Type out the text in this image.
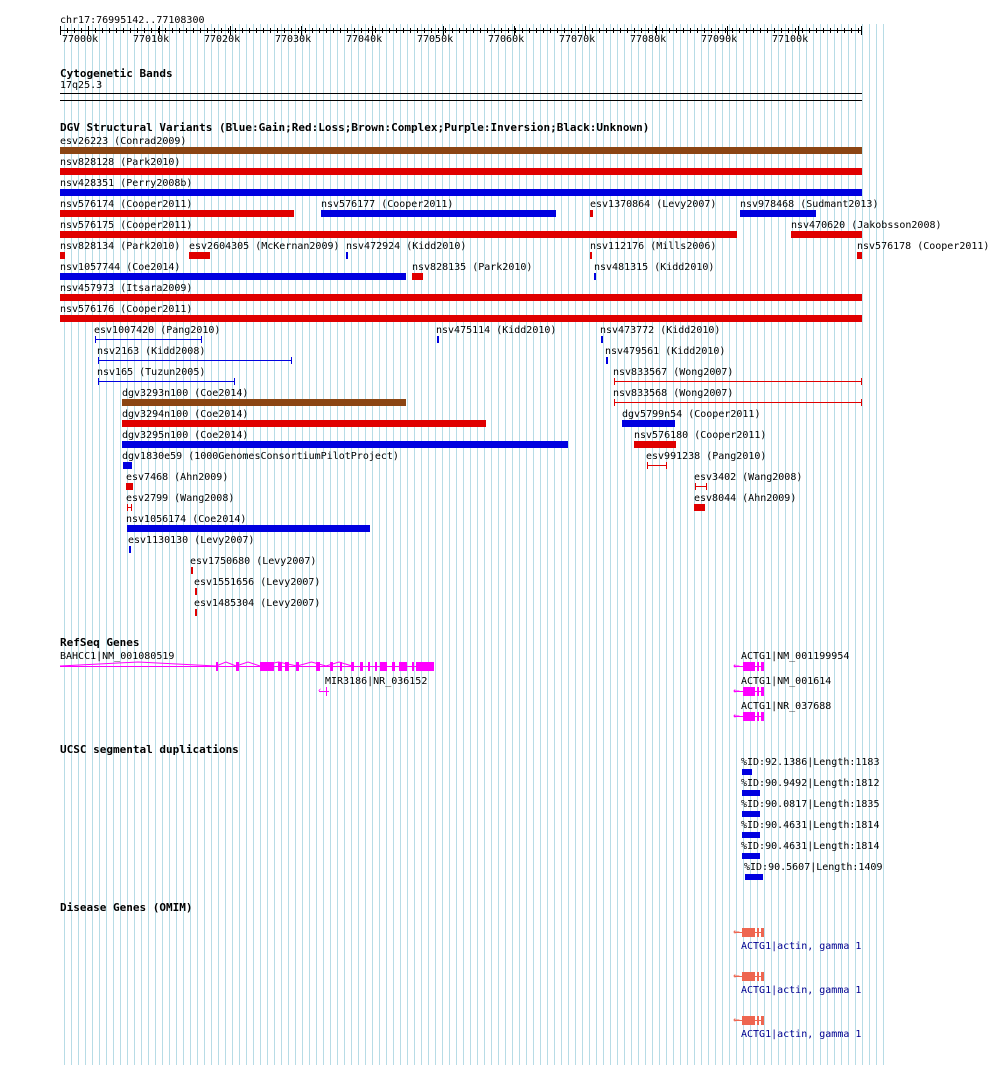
chr17:76995142..77108300
77000k	77010k	77020k	77030k	77040k	77050k	77060k	77070k	77080k	77090k	77100k
Cytogenetic Bands
17q25.3
DGV Structural Variants (Blue:Gain;Red:Loss;Brown:Complex;Purple:Inversion;Black:Unknown)
esv26223 (Conrad2009)
nsv828128 (Park2010)
nsv428351 (Perry2008b)
nsv576174 (Cooper2011)	nsv576177 (Cooper2011)	esv1370864 (Levy2007) nsv978468 (Sudmant2013)
nsv576175 (Cooper2011)	nsv470620 (Jakobsson2008)
nsv828134 (Park2010) esv2604305 (McKernan2009) nsv472924 (Kidd2010)	nsv112176 (Mills2006)	nsv576178 (Cooper2011)
nsv1057744 (Coe2014)	nsv828135 (Park2010)	nsv481315 (Kidd2010)
nsv457973 (Itsara2009)
nsv576176 (Cooper2011)
esv1007420 (Pang2010)	nsv475114 (Kidd2010)	nsv473772 (Kidd2010)
nsv2163 (Kidd2008)	nsv479561 (Kidd2010)
nsv165 (Tuzun2005)	nsv833567 (Wong2007)
dgv3293n100 (Coe2014)	nsv833568 (Wong2007)
dgv3294n100 (Coe2014)	dgv5799n54 (Cooper2011)
dgv3295n100 (Coe2014)	nsv576180 (Cooper2011)
dgv1830e59 (1000GenomesConsortiumPilotProject)	esv991238 (Pang2010)
esv7468 (Ahn2009)	esv3402 (Wang2008)
esv2799 (Wang2008)	esv8044 (Ahn2009)
nsv1056174 (Coe2014)
esv1130130 (Levy2007)
esv1750680 (Levy2007)
esv1551656 (Levy2007)
esv1485304 (Levy2007)
RefSeq Genes
BAHCC1|NM_001080519
MIR3186|NR_036152
ACTG1|NM_001199954
ACTG1|NM_001614
ACTG1|NR_037688
‹
←
←
←
UCSC segmental duplications
%ID:92.1386|Length:1183
%ID:90.9492|Length:1812
%ID:90.0817|Length:1835
%ID:90.4631|Length:1814
%ID:90.4631|Length:1814
%ID:90.5607|Length:1409
Disease Genes (OMIM)
←
ACTG1|actin, gamma 1
←
ACTG1|actin, gamma 1
←
ACTG1|actin, gamma 1
